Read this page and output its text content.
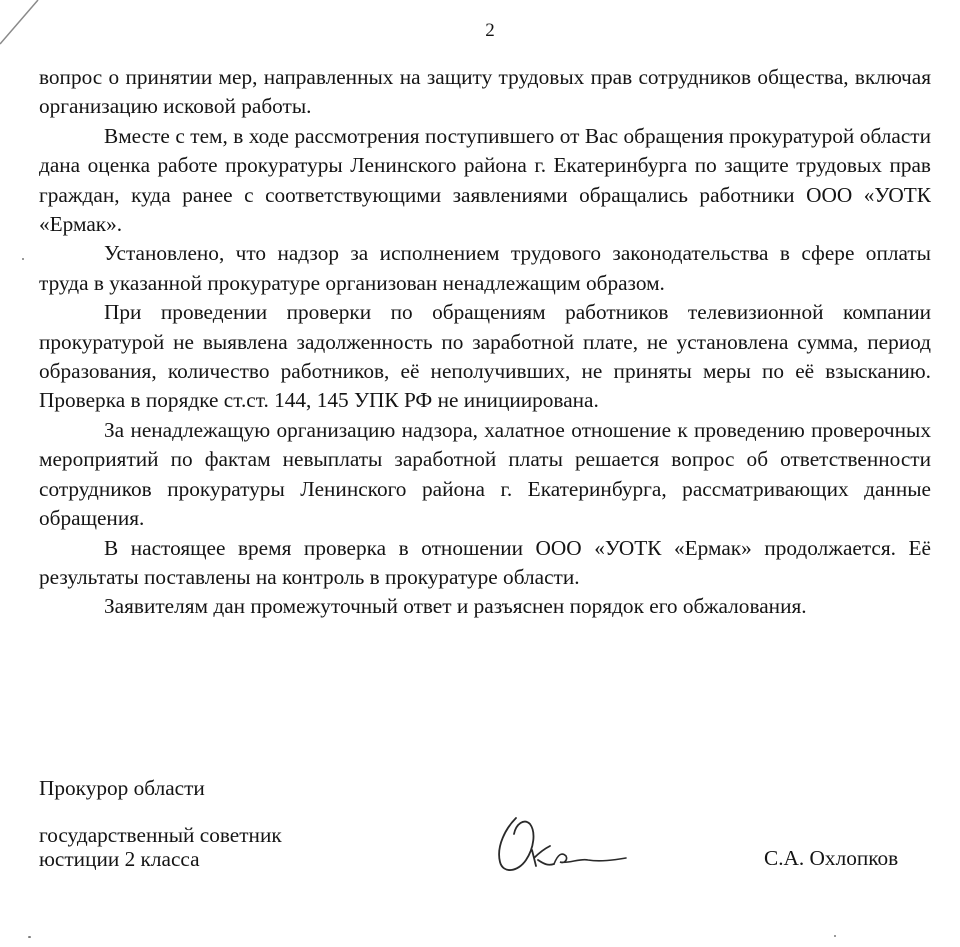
2

вопрос о принятии мер, направленных на защиту трудовых прав сотрудников общества, включая организацию исковой работы.

Вместе с тем, в ходе рассмотрения поступившего от Вас обращения прокуратурой области дана оценка работе прокуратуры Ленинского района г. Екатеринбурга по защите трудовых прав граждан, куда ранее с соответствующими заявлениями обращались работники ООО «УОТК «Ермак».

Установлено, что надзор за исполнением трудового законодательства в сфере оплаты труда в указанной прокуратуре организован ненадлежащим образом.

При проведении проверки по обращениям работников телевизионной компании прокуратурой не выявлена задолженность по заработной плате, не установлена сумма, период образования, количество работников, её неполучивших, не приняты меры по её взысканию. Проверка в порядке ст.ст. 144, 145 УПК РФ не инициирована.

За ненадлежащую организацию надзора, халатное отношение к проведению проверочных мероприятий по фактам невыплаты заработной платы решается вопрос об ответственности сотрудников прокуратуры Ленинского района г. Екатеринбурга, рассматривающих данные обращения.

В настоящее время проверка в отношении ООО «УОТК «Ермак» продолжается. Её результаты поставлены на контроль в прокуратуре области.

Заявителям дан промежуточный ответ и разъяснен порядок его обжалования.

Прокурор области
государственный советник
юстиции 2 класса	С.А. Охлопков
